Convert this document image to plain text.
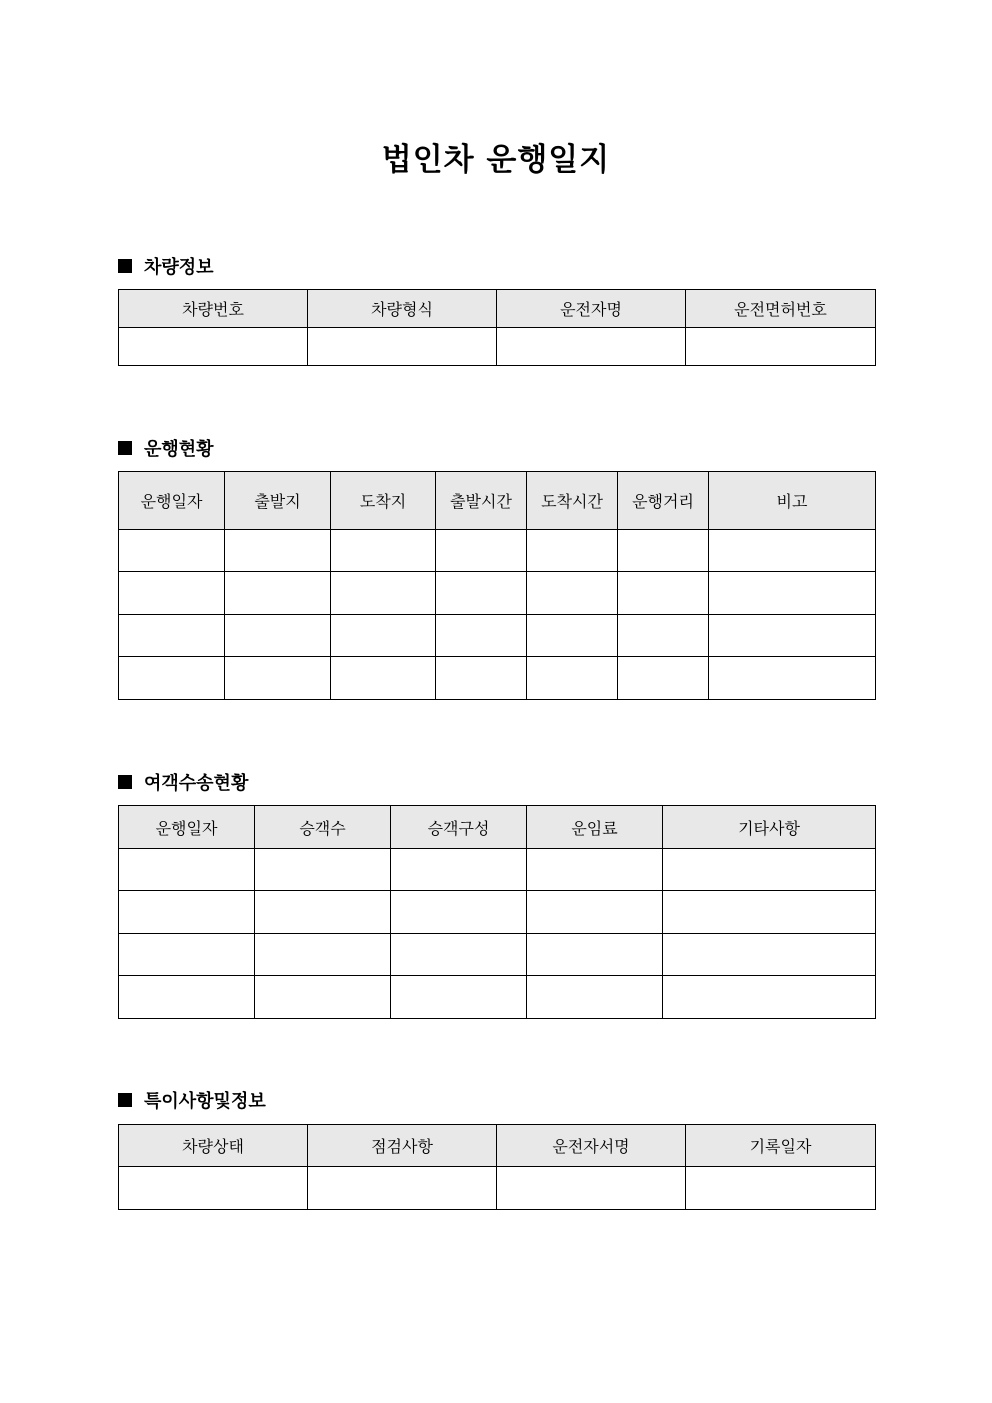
법인차 운행일지
차량정보
차량번호	차량형식	운전자명	운전면허번호

운행현황
운행일자	출발지	도착지	출발시간	도착시간	운행거리	비고

여객수송현황
운행일자	승객수	승객구성	운임료	기타사항

특이사항및정보
차량상태	점검사항	운전자서명	기록일자
